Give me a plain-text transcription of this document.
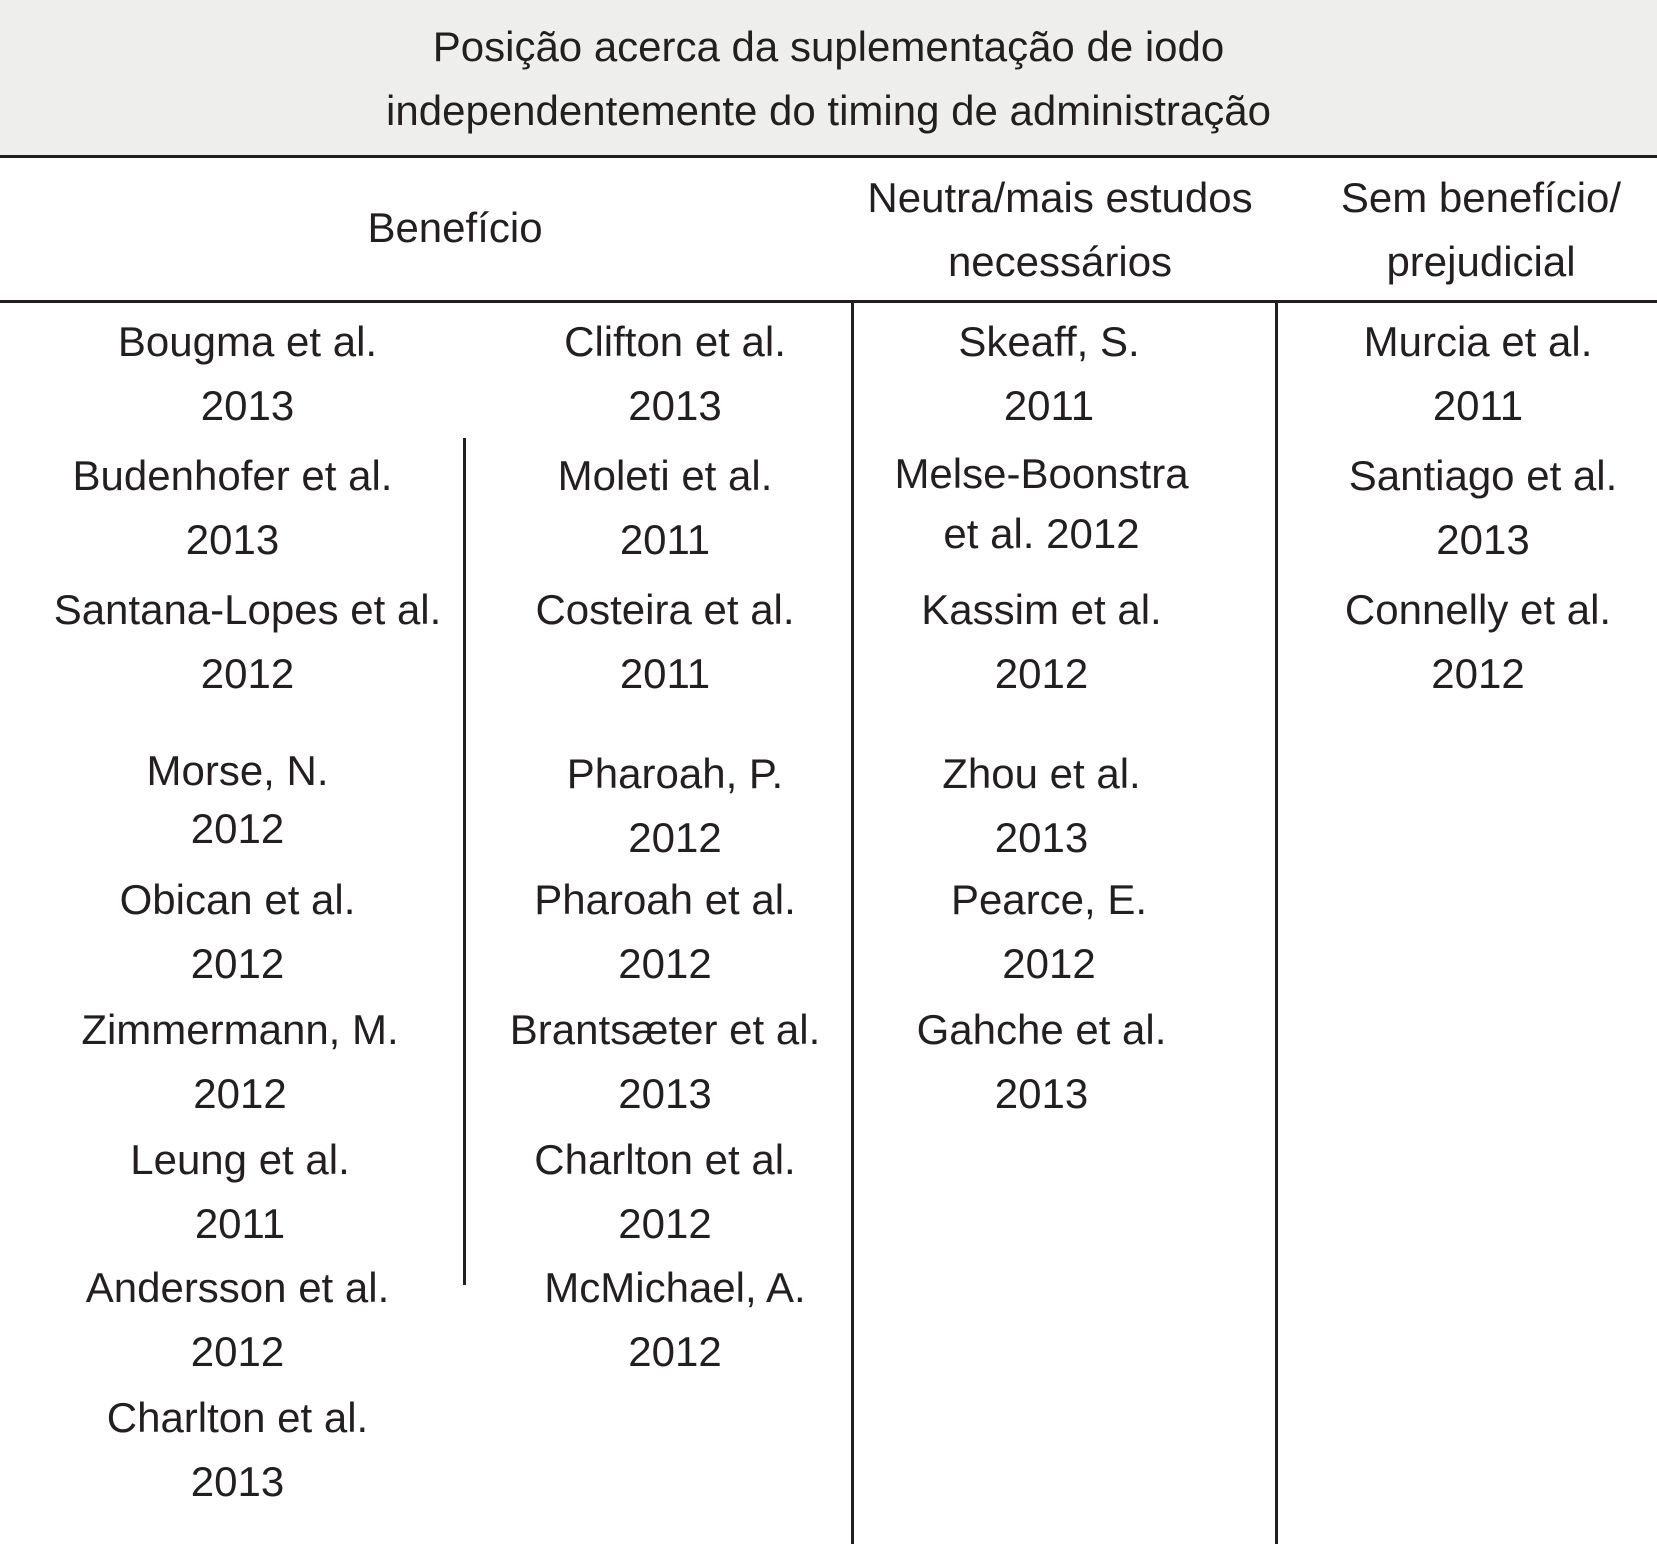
Posição acerca da suplementação de iodo
independentemente do timing de administração
Benefício
Neutra/mais estudos
necessários
Sem benefício/
prejudicial
Bougma et al.
2013
Budenhofer et al.
2013
Santana-Lopes et al.
2012
Morse, N.
2012
Obican et al.
2012
Zimmermann, M.
2012
Leung et al.
2011
Andersson et al.
2012
Charlton et al.
2013
Clifton et al.
2013
Moleti et al.
2011
Costeira et al.
2011
Pharoah, P.
2012
Pharoah et al.
2012
Brantsæter et al.
2013
Charlton et al.
2012
McMichael, A.
2012
Skeaff, S.
2011
Melse-Boonstra
et al. 2012
Kassim et al.
2012
Zhou et al.
2013
Pearce, E.
2012
Gahche et al.
2013
Murcia et al.
2011
Santiago et al.
2013
Connelly et al.
2012
